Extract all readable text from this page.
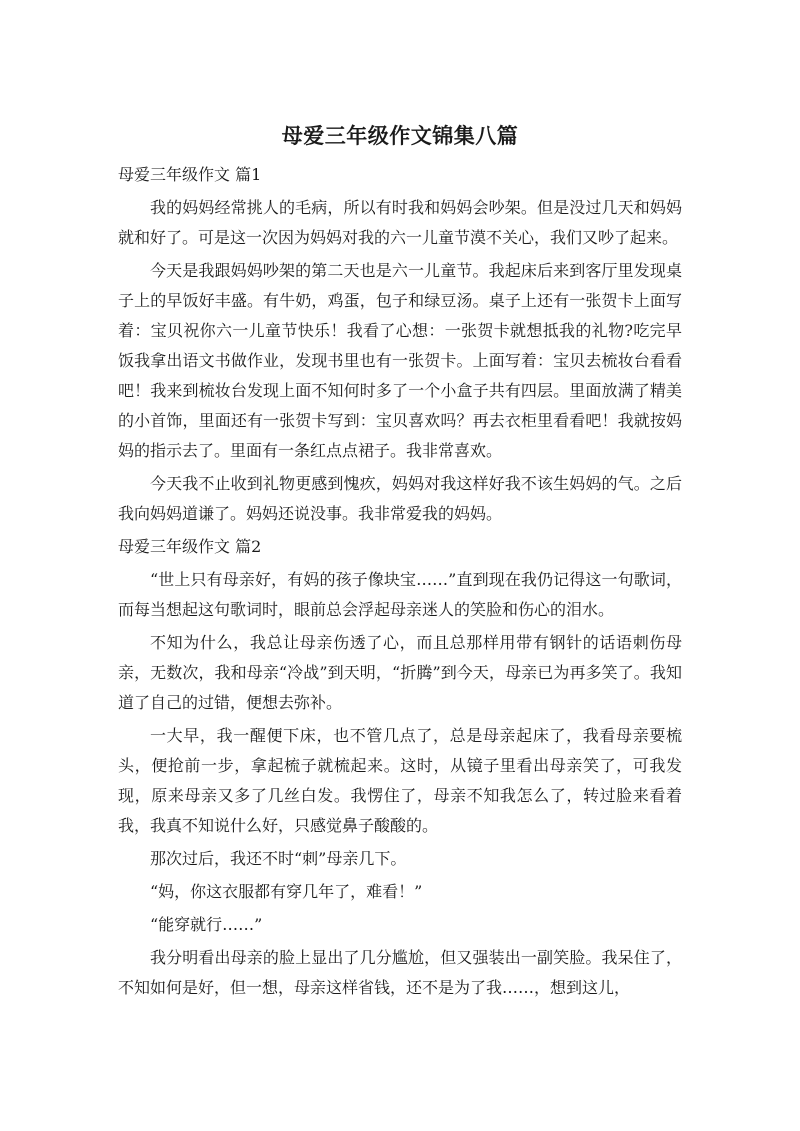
母爱三年级作文锦集八篇

母爱三年级作文 篇1

我的妈妈经常挑人的毛病，所以有时我和妈妈会吵架。但是没过几天和妈妈就和好了。可是这一次因为妈妈对我的六一儿童节漠不关心，我们又吵了起来。

今天是我跟妈妈吵架的第二天也是六一儿童节。我起床后来到客厅里发现桌子上的早饭好丰盛。有牛奶，鸡蛋，包子和绿豆汤。桌子上还有一张贺卡上面写着：宝贝祝你六一儿童节快乐！我看了心想：一张贺卡就想抵我的礼物?吃完早饭我拿出语文书做作业，发现书里也有一张贺卡。上面写着：宝贝去梳妆台看看吧！我来到梳妆台发现上面不知何时多了一个小盒子共有四层。里面放满了精美的小首饰，里面还有一张贺卡写到：宝贝喜欢吗？再去衣柜里看看吧！我就按妈妈的指示去了。里面有一条红点点裙子。我非常喜欢。

今天我不止收到礼物更感到愧疚，妈妈对我这样好我不该生妈妈的气。之后我向妈妈道谦了。妈妈还说没事。我非常爱我的妈妈。

母爱三年级作文 篇2

“世上只有母亲好，有妈的孩子像块宝……”直到现在我仍记得这一句歌词，而每当想起这句歌词时，眼前总会浮起母亲迷人的笑脸和伤心的泪水。

不知为什么，我总让母亲伤透了心，而且总那样用带有钢针的话语刺伤母亲，无数次，我和母亲“冷战”到天明，“折腾”到今天，母亲已为再多笑了。我知道了自己的过错，便想去弥补。

一大早，我一醒便下床，也不管几点了，总是母亲起床了，我看母亲要梳头，便抢前一步，拿起梳子就梳起来。这时，从镜子里看出母亲笑了，可我发现，原来母亲又多了几丝白发。我愣住了，母亲不知我怎么了，转过脸来看着我，我真不知说什么好，只感觉鼻子酸酸的。

那次过后，我还不时“刺”母亲几下。

“妈，你这衣服都有穿几年了，难看！”

“能穿就行……”

我分明看出母亲的脸上显出了几分尴尬，但又强装出一副笑脸。我呆住了，不知如何是好，但一想，母亲这样省钱，还不是为了我……，想到这儿，
